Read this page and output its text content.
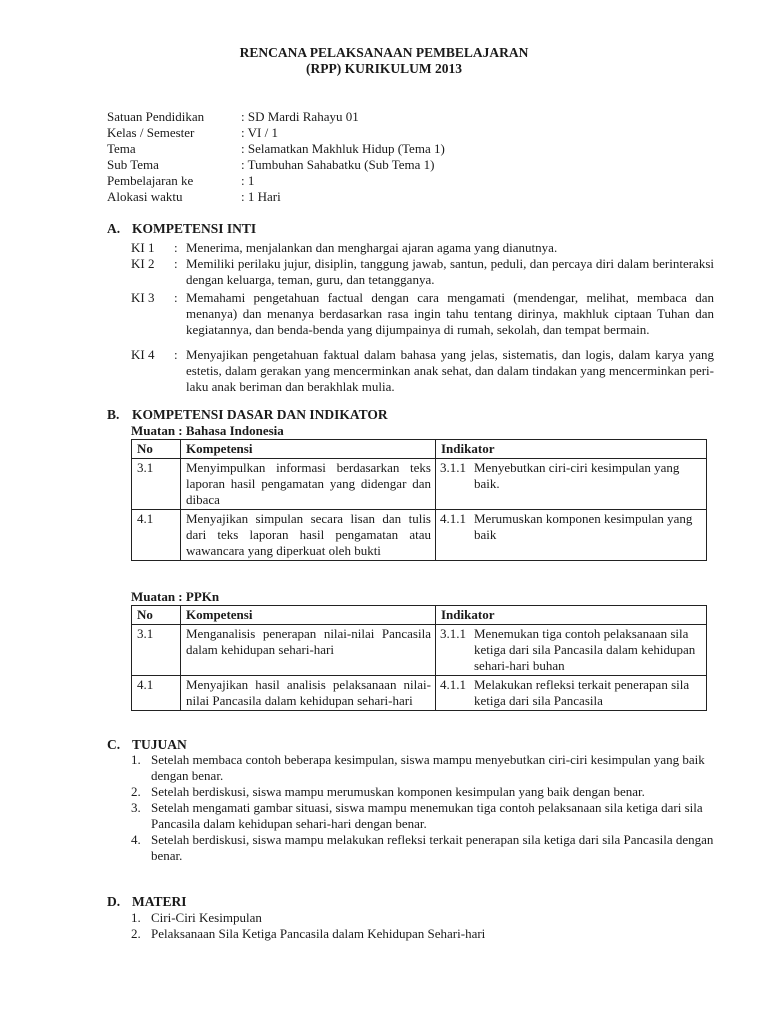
RENCANA PELAKSANAAN PEMBELAJARAN
(RPP) KURIKULUM 2013
Satuan Pendidikan	: SD Mardi Rahayu 01
Kelas / Semester	: VI / 1
Tema	: Selamatkan Makhluk Hidup (Tema 1)
Sub Tema	: Tumbuhan Sahabatku (Sub Tema 1)
Pembelajaran ke	: 1
Alokasi waktu	: 1 Hari
A. KOMPETENSI INTI
KI 1 : Menerima, menjalankan dan menghargai ajaran agama yang dianutnya.
KI 2 : Memiliki perilaku jujur, disiplin, tanggung jawab, santun, peduli, dan percaya diri dalam berinteraksi dengan keluarga, teman, guru, dan tetangganya.
KI 3 : Memahami pengetahuan factual dengan cara mengamati (mendengar, melihat, membaca dan menanya) dan menanya berdasarkan rasa ingin tahu tentang dirinya, makhluk ciptaan Tuhan dan kegiatannya, dan benda-benda yang dijumpainya di rumah, sekolah, dan tempat bermain.
KI 4 : Menyajikan pengetahuan faktual dalam bahasa yang jelas, sistematis, dan logis, dalam karya yang estetis, dalam gerakan yang mencerminkan anak sehat, dan dalam tindakan yang mencerminkan peri-laku anak beriman dan berakhlak mulia.
B. KOMPETENSI DASAR DAN INDIKATOR
Muatan : Bahasa Indonesia
No	Kompetensi	Indikator
3.1	Menyimpulkan informasi berdasarkan teks laporan hasil pengamatan yang didengar dan dibaca	3.1.1 Menyebutkan ciri-ciri kesimpulan yang baik.
4.1	Menyajikan simpulan secara lisan dan tulis dari teks laporan hasil pengamatan atau wawancara yang diperkuat oleh bukti	4.1.1 Merumuskan komponen kesimpulan yang baik
Muatan : PPKn
No	Kompetensi	Indikator
3.1	Menganalisis penerapan nilai-nilai Pancasila dalam kehidupan sehari-hari	3.1.1 Menemukan tiga contoh pelaksanaan sila ketiga dari sila Pancasila dalam kehidupan sehari-hari buhan
4.1	Menyajikan hasil analisis pelaksanaan nilai-nilai Pancasila dalam kehidupan sehari-hari	4.1.1 Melakukan refleksi terkait penerapan sila ketiga dari sila Pancasila
C. TUJUAN
1. Setelah membaca contoh beberapa kesimpulan, siswa mampu menyebutkan ciri-ciri kesimpulan yang baik dengan benar.
2. Setelah berdiskusi, siswa mampu merumuskan komponen kesimpulan yang baik dengan benar.
3. Setelah mengamati gambar situasi, siswa mampu menemukan tiga contoh pelaksanaan sila ketiga dari sila Pancasila dalam kehidupan sehari-hari dengan benar.
4. Setelah berdiskusi, siswa mampu melakukan refleksi terkait penerapan sila ketiga dari sila Pancasila dengan benar.
D. MATERI
1. Ciri-Ciri Kesimpulan
2. Pelaksanaan Sila Ketiga Pancasila dalam Kehidupan Sehari-hari
